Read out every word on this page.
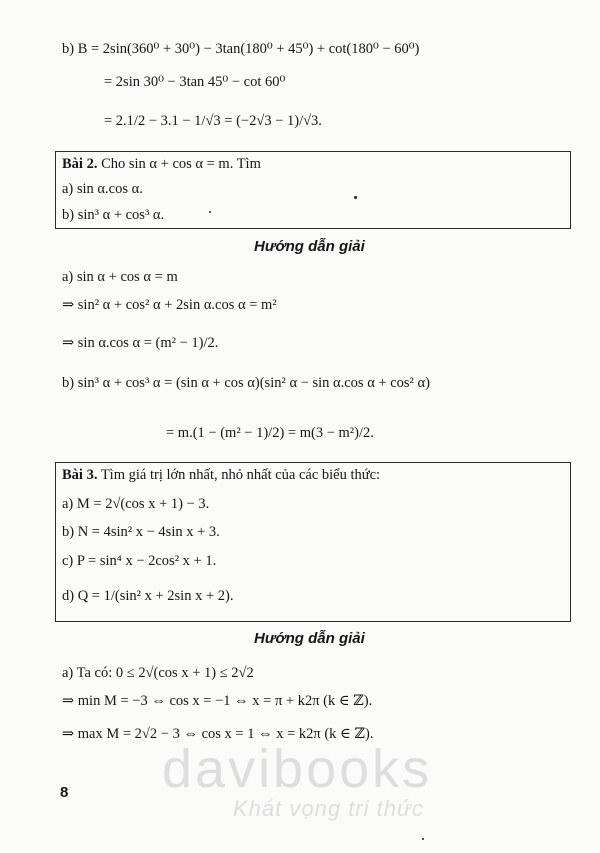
b) B = 2sin(360⁰ + 30⁰) − 3tan(180⁰ + 45⁰) + cot(180⁰ − 60⁰)
= 2sin 30⁰ − 3tan 45⁰ − cot 60⁰
= 2.1/2 − 3.1 − 1/√3 = (−2√3 − 1)/√3.
Bài 2. Cho sin α + cos α = m. Tìm
a) sin α.cos α.
b) sin³ α + cos³ α.
Hướng dẫn giải
a) sin α + cos α = m
⇒ sin² α + cos² α + 2sin α.cos α = m²
⇒ sin α.cos α = (m² − 1)/2.
b) sin³ α + cos³ α = (sin α + cos α)(sin² α − sin α.cos α + cos² α)
= m.(1 − (m² − 1)/2) = m(3 − m²)/2.
Bài 3. Tìm giá trị lớn nhất, nhỏ nhất của các biểu thức:
a) M = 2√(cos x + 1) − 3.
b) N = 4sin² x − 4sin x + 3.
c) P = sin⁴ x − 2cos² x + 1.
d) Q = 1/(sin² x + 2sin x + 2).
Hướng dẫn giải
a) Ta có: 0 ≤ 2√(cos x + 1) ≤ 2√2
⇒ min M = −3 ⇔ cos x = −1 ⇔ x = π + k2π (k ∈ ℤ).
⇒ max M = 2√2 − 3 ⇔ cos x = 1 ⇔ x = k2π (k ∈ ℤ).
davibooks
Khát vọng tri thức
8
